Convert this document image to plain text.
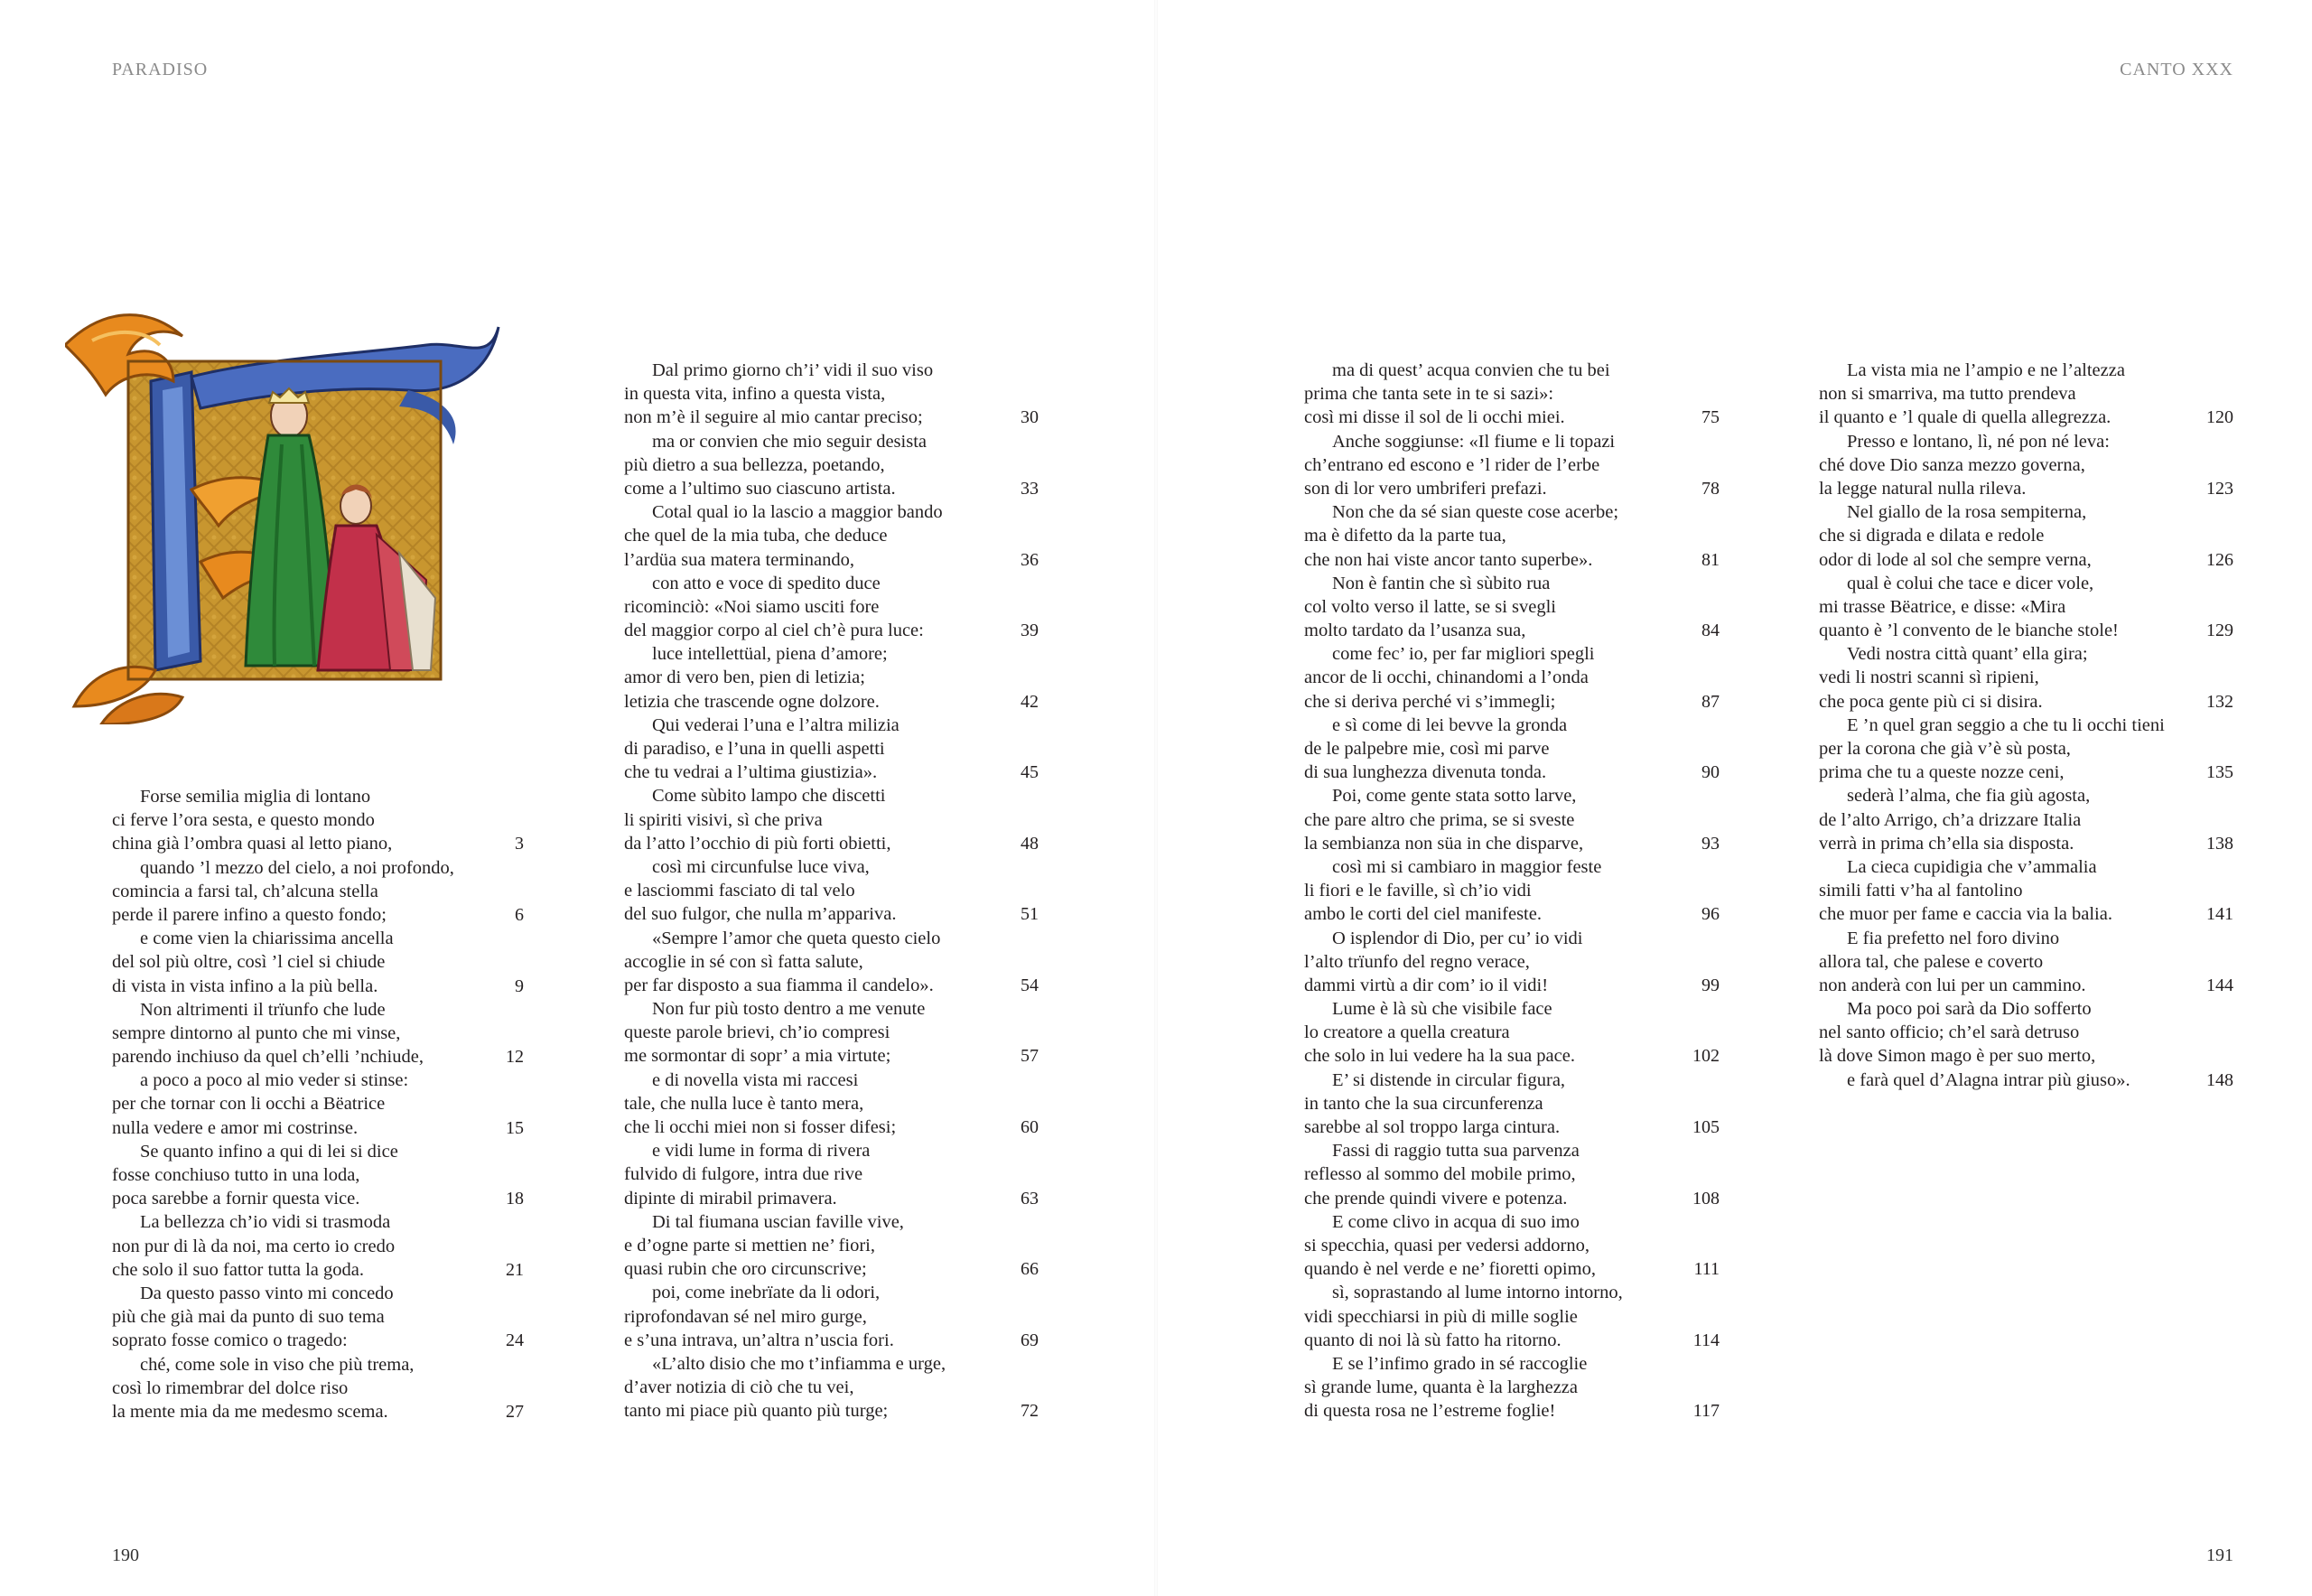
PARADISO	CANTO XXX
190	191
Forse semilia miglia di lontano
ci ferve l’ora sesta, e questo mondo
china già l’ombra quasi al letto piano,	3
quando ’l mezzo del cielo, a noi profondo,
comincia a farsi tal, ch’alcuna stella
perde il parere infino a questo fondo;	6
e come vien la chiarissima ancella
del sol più oltre, così ’l ciel si chiude
di vista in vista infino a la più bella.	9
Non altrimenti il trïunfo che lude
sempre dintorno al punto che mi vinse,
parendo inchiuso da quel ch’elli ’nchiude,	12
a poco a poco al mio veder si stinse:
per che tornar con li occhi a Bëatrice
nulla vedere e amor mi costrinse.	15
Se quanto infino a qui di lei si dice
fosse conchiuso tutto in una loda,
poca sarebbe a fornir questa vice.	18
La bellezza ch’io vidi si trasmoda
non pur di là da noi, ma certo io credo
che solo il suo fattor tutta la goda.	21
Da questo passo vinto mi concedo
più che già mai da punto di suo tema
soprato fosse comico o tragedo:	24
ché, come sole in viso che più trema,
così lo rimembrar del dolce riso
la mente mia da me medesmo scema.	27
Dal primo giorno ch’i’ vidi il suo viso
in questa vita, infino a questa vista,
non m’è il seguire al mio cantar preciso;	30
ma or convien che mio seguir desista
più dietro a sua bellezza, poetando,
come a l’ultimo suo ciascuno artista.	33
Cotal qual io la lascio a maggior bando
che quel de la mia tuba, che deduce
l’ardüa sua matera terminando,	36
con atto e voce di spedito duce
ricominciò: «Noi siamo usciti fore
del maggior corpo al ciel ch’è pura luce:	39
luce intellettüal, piena d’amore;
amor di vero ben, pien di letizia;
letizia che trascende ogne dolzore.	42
Qui vederai l’una e l’altra milizia
di paradiso, e l’una in quelli aspetti
che tu vedrai a l’ultima giustizia».	45
Come sùbito lampo che discetti
li spiriti visivi, sì che priva
da l’atto l’occhio di più forti obietti,	48
così mi circunfulse luce viva,
e lasciommi fasciato di tal velo
del suo fulgor, che nulla m’appariva.	51
«Sempre l’amor che queta questo cielo
accoglie in sé con sì fatta salute,
per far disposto a sua fiamma il candelo».	54
Non fur più tosto dentro a me venute
queste parole brievi, ch’io compresi
me sormontar di sopr’ a mia virtute;	57
e di novella vista mi raccesi
tale, che nulla luce è tanto mera,
che li occhi miei non si fosser difesi;	60
e vidi lume in forma di rivera
fulvido di fulgore, intra due rive
dipinte di mirabil primavera.	63
Di tal fiumana uscian faville vive,
e d’ogne parte si mettien ne’ fiori,
quasi rubin che oro circunscrive;	66
poi, come inebrïate da li odori,
riprofondavan sé nel miro gurge,
e s’una intrava, un’altra n’uscia fori.	69
«L’alto disio che mo t’infiamma e urge,
d’aver notizia di ciò che tu vei,
tanto mi piace più quanto più turge;	72
ma di quest’ acqua convien che tu bei
prima che tanta sete in te si sazi»:
così mi disse il sol de li occhi miei.	75
Anche soggiunse: «Il fiume e li topazi
ch’entrano ed escono e ’l rider de l’erbe
son di lor vero umbriferi prefazi.	78
Non che da sé sian queste cose acerbe;
ma è difetto da la parte tua,
che non hai viste ancor tanto superbe».	81
Non è fantin che sì sùbito rua
col volto verso il latte, se si svegli
molto tardato da l’usanza sua,	84
come fec’ io, per far migliori spegli
ancor de li occhi, chinandomi a l’onda
che si deriva perché vi s’immegli;	87
e sì come di lei bevve la gronda
de le palpebre mie, così mi parve
di sua lunghezza divenuta tonda.	90
Poi, come gente stata sotto larve,
che pare altro che prima, se si sveste
la sembianza non süa in che disparve,	93
così mi si cambiaro in maggior feste
li fiori e le faville, sì ch’io vidi
ambo le corti del ciel manifeste.	96
O isplendor di Dio, per cu’ io vidi
l’alto trïunfo del regno verace,
dammi virtù a dir com’ io il vidi!	99
Lume è là sù che visibile face
lo creatore a quella creatura
che solo in lui vedere ha la sua pace.	102
E’ si distende in circular figura,
in tanto che la sua circunferenza
sarebbe al sol troppo larga cintura.	105
Fassi di raggio tutta sua parvenza
reflesso al sommo del mobile primo,
che prende quindi vivere e potenza.	108
E come clivo in acqua di suo imo
si specchia, quasi per vedersi addorno,
quando è nel verde e ne’ fioretti opimo,	111
sì, soprastando al lume intorno intorno,
vidi specchiarsi in più di mille soglie
quanto di noi là sù fatto ha ritorno.	114
E se l’infimo grado in sé raccoglie
sì grande lume, quanta è la larghezza
di questa rosa ne l’estreme foglie!	117
La vista mia ne l’ampio e ne l’altezza
non si smarriva, ma tutto prendeva
il quanto e ’l quale di quella allegrezza.	120
Presso e lontano, lì, né pon né leva:
ché dove Dio sanza mezzo governa,
la legge natural nulla rileva.	123
Nel giallo de la rosa sempiterna,
che si digrada e dilata e redole
odor di lode al sol che sempre verna,	126
qual è colui che tace e dicer vole,
mi trasse Bëatrice, e disse: «Mira
quanto è ’l convento de le bianche stole!	129
Vedi nostra città quant’ ella gira;
vedi li nostri scanni sì ripieni,
che poca gente più ci si disira.	132
E ’n quel gran seggio a che tu li occhi tieni
per la corona che già v’è sù posta,
prima che tu a queste nozze ceni,	135
sederà l’alma, che fia giù agosta,
de l’alto Arrigo, ch’a drizzare Italia
verrà in prima ch’ella sia disposta.	138
La cieca cupidigia che v’ammalia
simili fatti v’ha al fantolino
che muor per fame e caccia via la balia.	141
E fia prefetto nel foro divino
allora tal, che palese e coverto
non anderà con lui per un cammino.	144
Ma poco poi sarà da Dio sofferto
nel santo officio; ch’el sarà detruso
là dove Simon mago è per suo merto,
e farà quel d’Alagna intrar più giuso».	148
